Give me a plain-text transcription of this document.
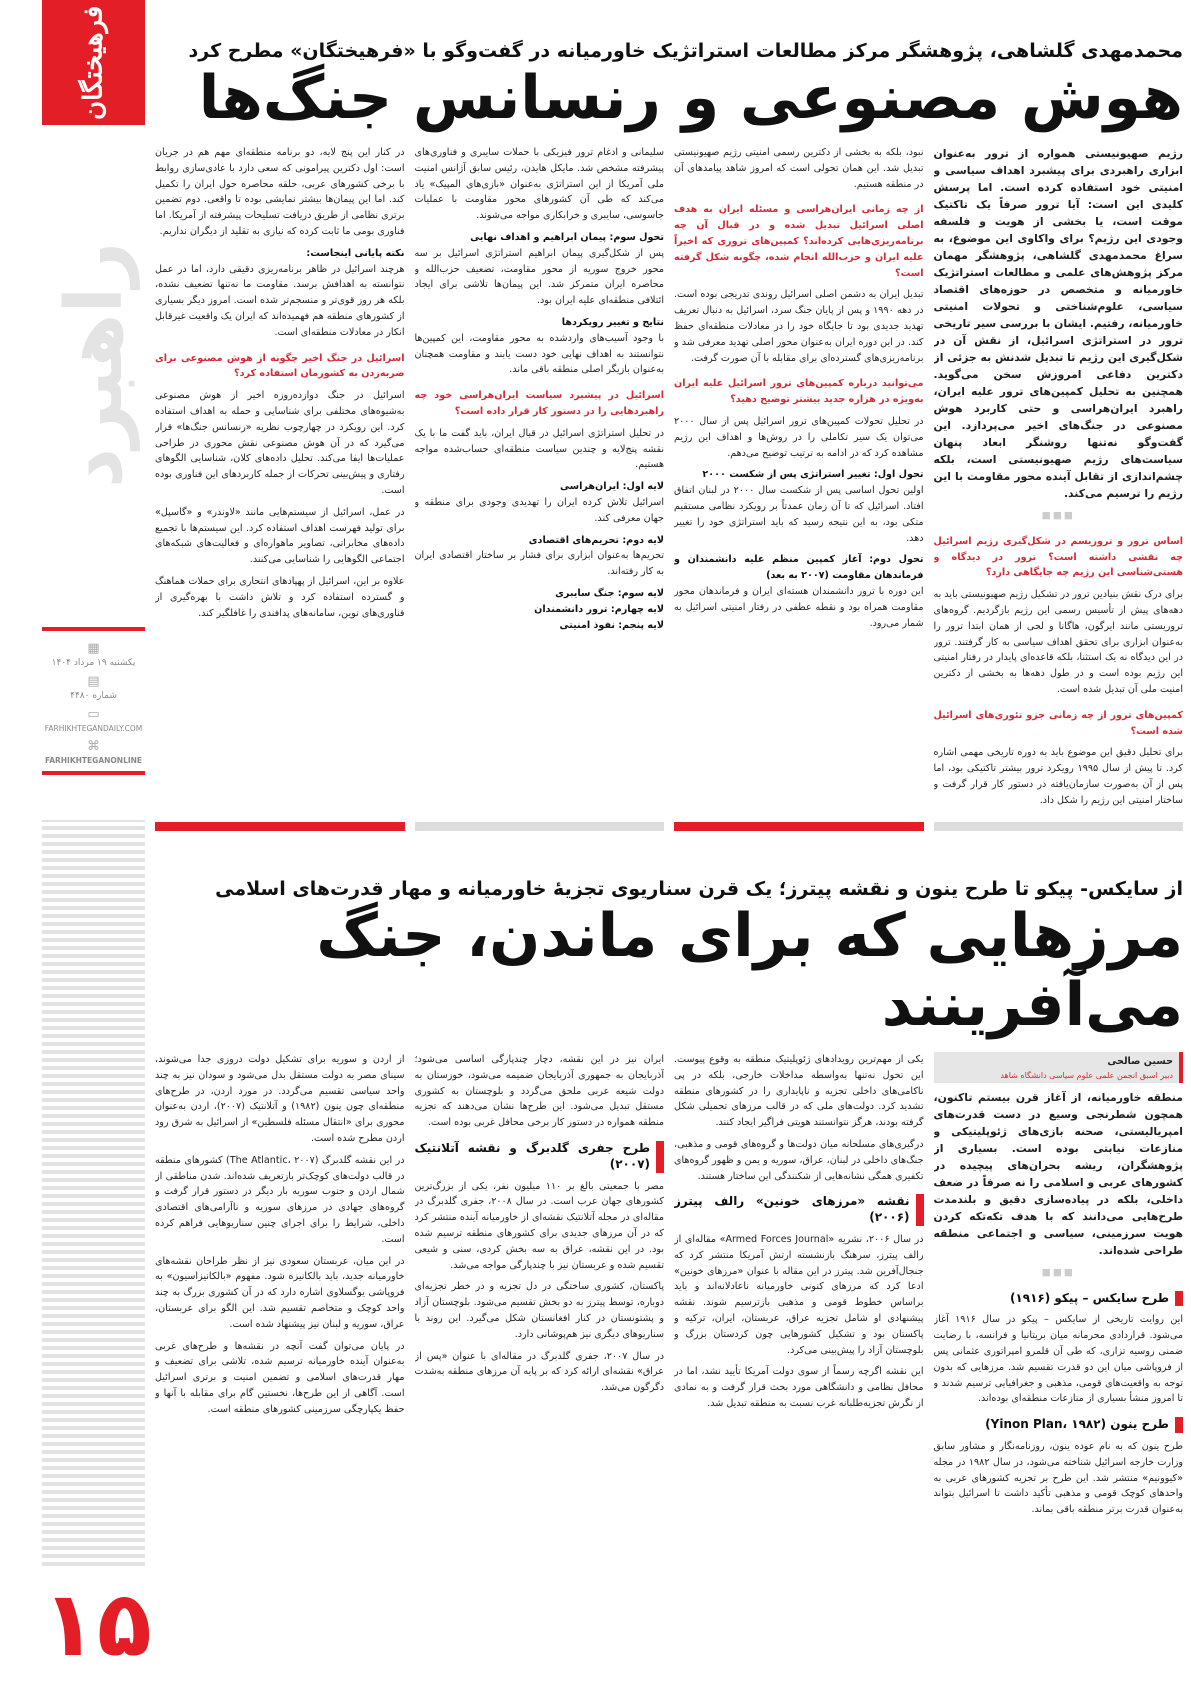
فرهیختگان
راهبرد
▦
یکشنبه ۱۹ مرداد ۱۴۰۴
▤
شماره ۴۴۸۰
▭
FARHIKHTEGANDAILY.COM
⌘
FARHIKHTEGANONLINE
۱۵
محمدمهدی گلشاهی، پژوهشگر مرکز مطالعات استراتژیک خاورمیانه در گفت‌وگو با «فرهیختگان» مطرح کرد
هوش مصنوعی و رنسانس جنگ‌ها

رژیم صهیونیستی همواره از ترور به‌عنوان ابزاری راهبردی برای پیشبرد اهداف سیاسی و امنیتی خود استفاده کرده است. اما پرسش کلیدی این است: آیا ترور صرفاً یک تاکتیک موقت است، یا بخشی از هویت و فلسفه وجودی این رژیم؟ برای واکاوی این موضوع، به سراغ محمدمهدی گلشاهی، پژوهشگر مهمان مرکز پژوهش‌های علمی و مطالعات استراتژیک خاورمیانه و متخصص در حوزه‌های اقتصاد سیاسی، علوم‌شناختی و تحولات امنیتی خاورمیانه، رفتیم. ایشان با بررسی سیر تاریخی ترور در استراتژی اسرائیل، از نقش آن در شکل‌گیری این رژیم تا تبدیل شدنش به جزئی از دکترین دفاعی امروزش سخن می‌گوید. همچنین به تحلیل کمپین‌های ترور علیه ایران، راهبرد ایران‌هراسی و حتی کاربرد هوش مصنوعی در جنگ‌های اخیر می‌پردازد. این گفت‌وگو نه‌تنها روشنگر ابعاد پنهان سیاست‌های رژیم صهیونیستی است، بلکه چشم‌اندازی از تقابل آینده محور مقاومت با این رژیم را ترسیم می‌کند.

■■■
اساس ترور و تروریسم در شکل‌گیری رژیم اسرائیل چه نقشی داشته است؟ ترور در دیدگاه و هستی‌شناسی این رژیم چه جایگاهی دارد؟

برای درک نقش بنیادین ترور در تشکیل رژیم صهیونیستی باید به دهه‌های پیش از تأسیس رسمی این رژیم بازگردیم. گروه‌های تروریستی مانند ایرگون، هاگانا و لحی از همان ابتدا ترور را به‌عنوان ابزاری برای تحقق اهداف سیاسی به کار گرفتند. ترور در این دیدگاه نه یک استثنا، بلکه قاعده‌ای پایدار در رفتار امنیتی این رژیم بوده است و در طول دهه‌ها به بخشی از دکترین امنیت ملی آن تبدیل شده است.

کمپین‌های ترور از چه زمانی جزو تئوری‌های اسرائیل شده است؟

برای تحلیل دقیق این موضوع باید به دوره تاریخی مهمی اشاره کرد. تا پیش از سال ۱۹۹۵ رویکرد ترور بیشتر تاکتیکی بود، اما پس از آن به‌صورت سازمان‌یافته در دستور کار قرار گرفت و ساختار امنیتی این رژیم را شکل داد.

نبود، بلکه به بخشی از دکترین رسمی امنیتی رژیم صهیونیستی تبدیل شد. این همان تحولی است که امروز شاهد پیامدهای آن در منطقه هستیم.

از چه زمانی ایران‌هراسی و مسئله ایران به هدف اصلی اسرائیل تبدیل شده و در قبال آن چه برنامه‌ریزی‌هایی کرده‌اند؟ کمپین‌های تروری که اخیراً علیه ایران و حزب‌الله انجام شده، چگونه شکل گرفته است؟

تبدیل ایران به دشمن اصلی اسرائیل روندی تدریجی بوده است. در دهه ۱۹۹۰ و پس از پایان جنگ سرد، اسرائیل به دنبال تعریف تهدید جدیدی بود تا جایگاه خود را در معادلات منطقه‌ای حفظ کند. در این دوره ایران به‌عنوان محور اصلی تهدید معرفی شد و برنامه‌ریزی‌های گسترده‌ای برای مقابله با آن صورت گرفت.

می‌توانید درباره کمپین‌های ترور اسرائیل علیه ایران به‌ویژه در هزاره جدید بیشتر توضیح دهید؟

در تحلیل تحولات کمپین‌های ترور اسرائیل پس از سال ۲۰۰۰ می‌توان یک سیر تکاملی را در روش‌ها و اهداف این رژیم مشاهده کرد که در ادامه به ترتیب توضیح می‌دهم.

تحول اول: تغییر استراتژی پس از شکست ۲۰۰۰

اولین تحول اساسی پس از شکست سال ۲۰۰۰ در لبنان اتفاق افتاد. اسرائیل که تا آن زمان عمدتاً بر رویکرد نظامی مستقیم متکی بود، به این نتیجه رسید که باید استراتژی خود را تغییر دهد.

تحول دوم: آغاز کمپین منظم علیه دانشمندان و فرماندهان مقاومت (۲۰۰۷ به بعد)

این دوره با ترور دانشمندان هسته‌ای ایران و فرماندهان محور مقاومت همراه بود و نقطه عطفی در رفتار امنیتی اسرائیل به شمار می‌رود.

سلیمانی و ادغام ترور فیزیکی با حملات سایبری و فناوری‌های پیشرفته مشخص شد. مایکل هایدن، رئیس سابق آژانس امنیت ملی آمریکا از این استراتژی به‌عنوان «بازی‌های المپیک» یاد می‌کند که طی آن کشورهای محور مقاومت با عملیات جاسوسی، سایبری و خرابکاری مواجه می‌شوند.

تحول سوم: پیمان ابراهیم و اهداف نهایی

پس از شکل‌گیری پیمان ابراهیم استراتژی اسرائیل بر سه محور خروج سوریه از محور مقاومت، تضعیف حزب‌الله و محاصره ایران متمرکز شد. این پیمان‌ها تلاشی برای ایجاد ائتلافی منطقه‌ای علیه ایران بود.

نتایج و تغییر رویکردها

با وجود آسیب‌های واردشده به محور مقاومت، این کمپین‌ها نتوانستند به اهداف نهایی خود دست یابند و مقاومت همچنان به‌عنوان بازیگر اصلی منطقه باقی ماند.

اسرائیل در پیشبرد سیاست ایران‌هراسی خود چه راهبردهایی را در دستور کار قرار داده است؟

در تحلیل استراتژی اسرائیل در قبال ایران، باید گفت ما با یک نقشه پنج‌لایه و چندین سیاست منطقه‌ای حساب‌شده مواجه هستیم.

لایه اول: ایران‌هراسی

اسرائیل تلاش کرده ایران را تهدیدی وجودی برای منطقه و جهان معرفی کند.

لایه دوم: تحریم‌های اقتصادی

تحریم‌ها به‌عنوان ابزاری برای فشار بر ساختار اقتصادی ایران به کار رفته‌اند.

لایه سوم: جنگ سایبری
لایه چهارم: ترور دانشمندان
لایه پنجم: نفوذ امنیتی

در کنار این پنج لایه، دو برنامه منطقه‌ای مهم هم در جریان است: اول دکترین پیرامونی که سعی دارد با عادی‌سازی روابط با برخی کشورهای عربی، حلقه محاصره حول ایران را تکمیل کند. اما این پیمان‌ها بیشتر نمایشی بوده تا واقعی. دوم تضمین برتری نظامی از طریق دریافت تسلیحات پیشرفته از آمریکا. اما فناوری بومی ما ثابت کرده که نیازی به تقلید از دیگران نداریم.

نکته پایانی اینجاست:

هرچند اسرائیل در ظاهر برنامه‌ریزی دقیقی دارد، اما در عمل نتوانسته به اهدافش برسد. مقاومت ما نه‌تنها تضعیف نشده، بلکه هر روز قوی‌تر و منسجم‌تر شده است. امروز دیگر بسیاری از کشورهای منطقه هم فهمیده‌اند که ایران یک واقعیت غیرقابل انکار در معادلات منطقه‌ای است.

اسرائیل در جنگ اخیر چگونه از هوش مصنوعی برای ضربه‌زدن به کشورمان استفاده کرد؟

اسرائیل در جنگ دوازده‌روزه اخیر از هوش مصنوعی به‌شیوه‌های مختلفی برای شناسایی و حمله به اهداف استفاده کرد. این رویکرد در چهارچوب نظریه «رنسانس جنگ‌ها» قرار می‌گیرد که در آن هوش مصنوعی نقش محوری در طراحی عملیات‌ها ایفا می‌کند. تحلیل داده‌های کلان، شناسایی الگوهای رفتاری و پیش‌بینی تحرکات از جمله کاربردهای این فناوری بوده است.

در عمل، اسرائیل از سیستم‌هایی مانند «لاوندر» و «گاسپل» برای تولید فهرست اهداف استفاده کرد. این سیستم‌ها با تجمیع داده‌های مخابراتی، تصاویر ماهواره‌ای و فعالیت‌های شبکه‌های اجتماعی الگوهایی را شناسایی می‌کنند.

علاوه بر این، اسرائیل از پهپادهای انتحاری برای حملات هماهنگ و گسترده استفاده کرد و تلاش داشت با بهره‌گیری از فناوری‌های نوین، سامانه‌های پدافندی را غافلگیر کند.

از سایکس- پیکو تا طرح ینون و نقشه پیترز؛ یک قرن سناریوی تجزیهٔ خاورمیانه و مهار قدرت‌های اسلامی
مرزهایی که برای ماندن، جنگ می‌آفرینند
حسین صالحی
دبیر اسبق انجمن علمی علوم سیاسی دانشگاه شاهد

منطقه خاورمیانه، از آغاز قرن بیستم تاکنون، همچون شطرنجی وسیع در دست قدرت‌های امپریالیستی، صحنه بازی‌های ژئوپلیتیکی و منازعات نیابتی بوده است. بسیاری از پژوهشگران، ریشه بحران‌های پیچیده در کشورهای عربی و اسلامی را نه صرفاً در ضعف داخلی، بلکه در پیاده‌سازی دقیق و بلندمدت طرح‌هایی می‌دانند که با هدف تکه‌تکه کردن هویت سرزمینی، سیاسی و اجتماعی منطقه طراحی شده‌اند.

■■■
طرح سایکس – پیکو (۱۹۱۶)

این روایت تاریخی از سایکس – پیکو در سال ۱۹۱۶ آغاز می‌شود. قراردادی محرمانه میان بریتانیا و فرانسه، با رضایت ضمنی روسیه تزاری، که طی آن قلمرو امپراتوری عثمانی پس از فروپاشی میان این دو قدرت تقسیم شد. مرزهایی که بدون توجه به واقعیت‌های قومی، مذهبی و جغرافیایی ترسیم شدند و تا امروز منشأ بسیاری از منازعات منطقه‌ای بوده‌اند.

طرح ینون (Yinon Plan، ۱۹۸۲)

طرح ینون که به نام عوده ینون، روزنامه‌نگار و مشاور سابق وزارت خارجه اسرائیل شناخته می‌شود، در سال ۱۹۸۲ در مجله «کیوونیم» منتشر شد. این طرح بر تجزیه کشورهای عربی به واحدهای کوچک قومی و مذهبی تأکید داشت تا اسرائیل بتواند به‌عنوان قدرت برتر منطقه باقی بماند.

یکی از مهم‌ترین رویدادهای ژئوپلیتیک منطقه به وقوع پیوست. این تحول نه‌تنها به‌واسطه مداخلات خارجی، بلکه در پی ناکامی‌های داخلی تجزیه و ناپایداری را در کشورهای منطقه تشدید کرد. دولت‌های ملی که در قالب مرزهای تحمیلی شکل گرفته بودند، هرگز نتوانستند هویتی فراگیر ایجاد کنند.

درگیری‌های مسلحانه میان دولت‌ها و گروه‌های قومی و مذهبی، جنگ‌های داخلی در لبنان، عراق، سوریه و یمن و ظهور گروه‌های تکفیری همگی نشانه‌هایی از شکنندگی این ساختار هستند.

نقشه «مرزهای خونین» رالف پیترز (۲۰۰۶)

در سال ۲۰۰۶، نشریه «Armed Forces Journal» مقاله‌ای از رالف پیترز، سرهنگ بازنشسته ارتش آمریکا منتشر کرد که جنجال‌آفرین شد. پیترز در این مقاله با عنوان «مرزهای خونین» ادعا کرد که مرزهای کنونی خاورمیانه ناعادلانه‌اند و باید براساس خطوط قومی و مذهبی بازترسیم شوند. نقشه پیشنهادی او شامل تجزیه عراق، عربستان، ایران، ترکیه و پاکستان بود و تشکیل کشورهایی چون کردستان بزرگ و بلوچستان آزاد را پیش‌بینی می‌کرد.

این نقشه اگرچه رسماً از سوی دولت آمریکا تأیید نشد، اما در محافل نظامی و دانشگاهی مورد بحث قرار گرفت و به نمادی از نگرش تجزیه‌طلبانه غرب نسبت به منطقه تبدیل شد.

ایران نیز در این نقشه، دچار چندپارگی اساسی می‌شود؛ آذربایجان به جمهوری آذربایجان ضمیمه می‌شود، خوزستان به دولت شیعه عربی ملحق می‌گردد و بلوچستان به کشوری مستقل تبدیل می‌شود. این طرح‌ها نشان می‌دهند که تجزیه منطقه همواره در دستور کار برخی محافل غربی بوده است.

طرح جفری گلدبرگ و نقشه آتلانتیک (۲۰۰۷)

مصر با جمعیتی بالغ بر ۱۱۰ میلیون نفر، یکی از بزرگ‌ترین کشورهای جهان عرب است. در سال ۲۰۰۸، جفری گلدبرگ در مقاله‌ای در مجله آتلانتیک نقشه‌ای از خاورمیانه آینده منتشر کرد که در آن مرزهای جدیدی برای کشورهای منطقه ترسیم شده بود. در این نقشه، عراق به سه بخش کردی، سنی و شیعی تقسیم شده و عربستان نیز با چندپارگی مواجه می‌شد.

پاکستان، کشوری ساختگی در دل تجزیه و در خطر تجزیه‌ای دوباره، توسط پیترز به دو بخش تقسیم می‌شود. بلوچستان آزاد و پشتونستان در کنار افغانستان شکل می‌گیرد. این روند با سناریوهای دیگری نیز هم‌پوشانی دارد.

در سال ۲۰۰۷، جفری گلدبرگ در مقاله‌ای با عنوان «پس از عراق» نقشه‌ای ارائه کرد که بر پایه آن مرزهای منطقه به‌شدت دگرگون می‌شد.

از اردن و سوریه برای تشکیل دولت دروزی جدا می‌شوند، سینای مصر به دولت مستقل بدل می‌شود و سودان نیز به چند واحد سیاسی تقسیم می‌گردد. در مورد اردن، در طرح‌های منطقه‌ای چون ینون (۱۹۸۲) و آتلانتیک (۲۰۰۷)، اردن به‌عنوان محوری برای «انتقال مسئله فلسطین» از اسرائیل به شرق رود اردن مطرح شده است.

در این نقشه گلدبرگ (The Atlantic، ۲۰۰۷) کشورهای منطقه در قالب دولت‌های کوچک‌تر بازتعریف شده‌اند. شدن مناطقی از شمال اردن و جنوب سوریه بار دیگر در دستور قرار گرفت و گروه‌های جهادی در مرزهای سوریه و ناآرامی‌های اقتصادی داخلی، شرایط را برای اجرای چنین سناریوهایی فراهم کرده است.

در این میان، عربستان سعودی نیز از نظر طراحان نقشه‌های خاورمیانه جدید، باید بالکانیزه شود. مفهوم «بالکانیزاسیون» به فروپاشی یوگسلاوی اشاره دارد که در آن کشوری بزرگ به چند واحد کوچک و متخاصم تقسیم شد. این الگو برای عربستان، عراق، سوریه و لبنان نیز پیشنهاد شده است.

در پایان می‌توان گفت آنچه در نقشه‌ها و طرح‌های غربی به‌عنوان آینده خاورمیانه ترسیم شده، تلاشی برای تضعیف و مهار قدرت‌های اسلامی و تضمین امنیت و برتری اسرائیل است. آگاهی از این طرح‌ها، نخستین گام برای مقابله با آنها و حفظ یکپارچگی سرزمینی کشورهای منطقه است.
